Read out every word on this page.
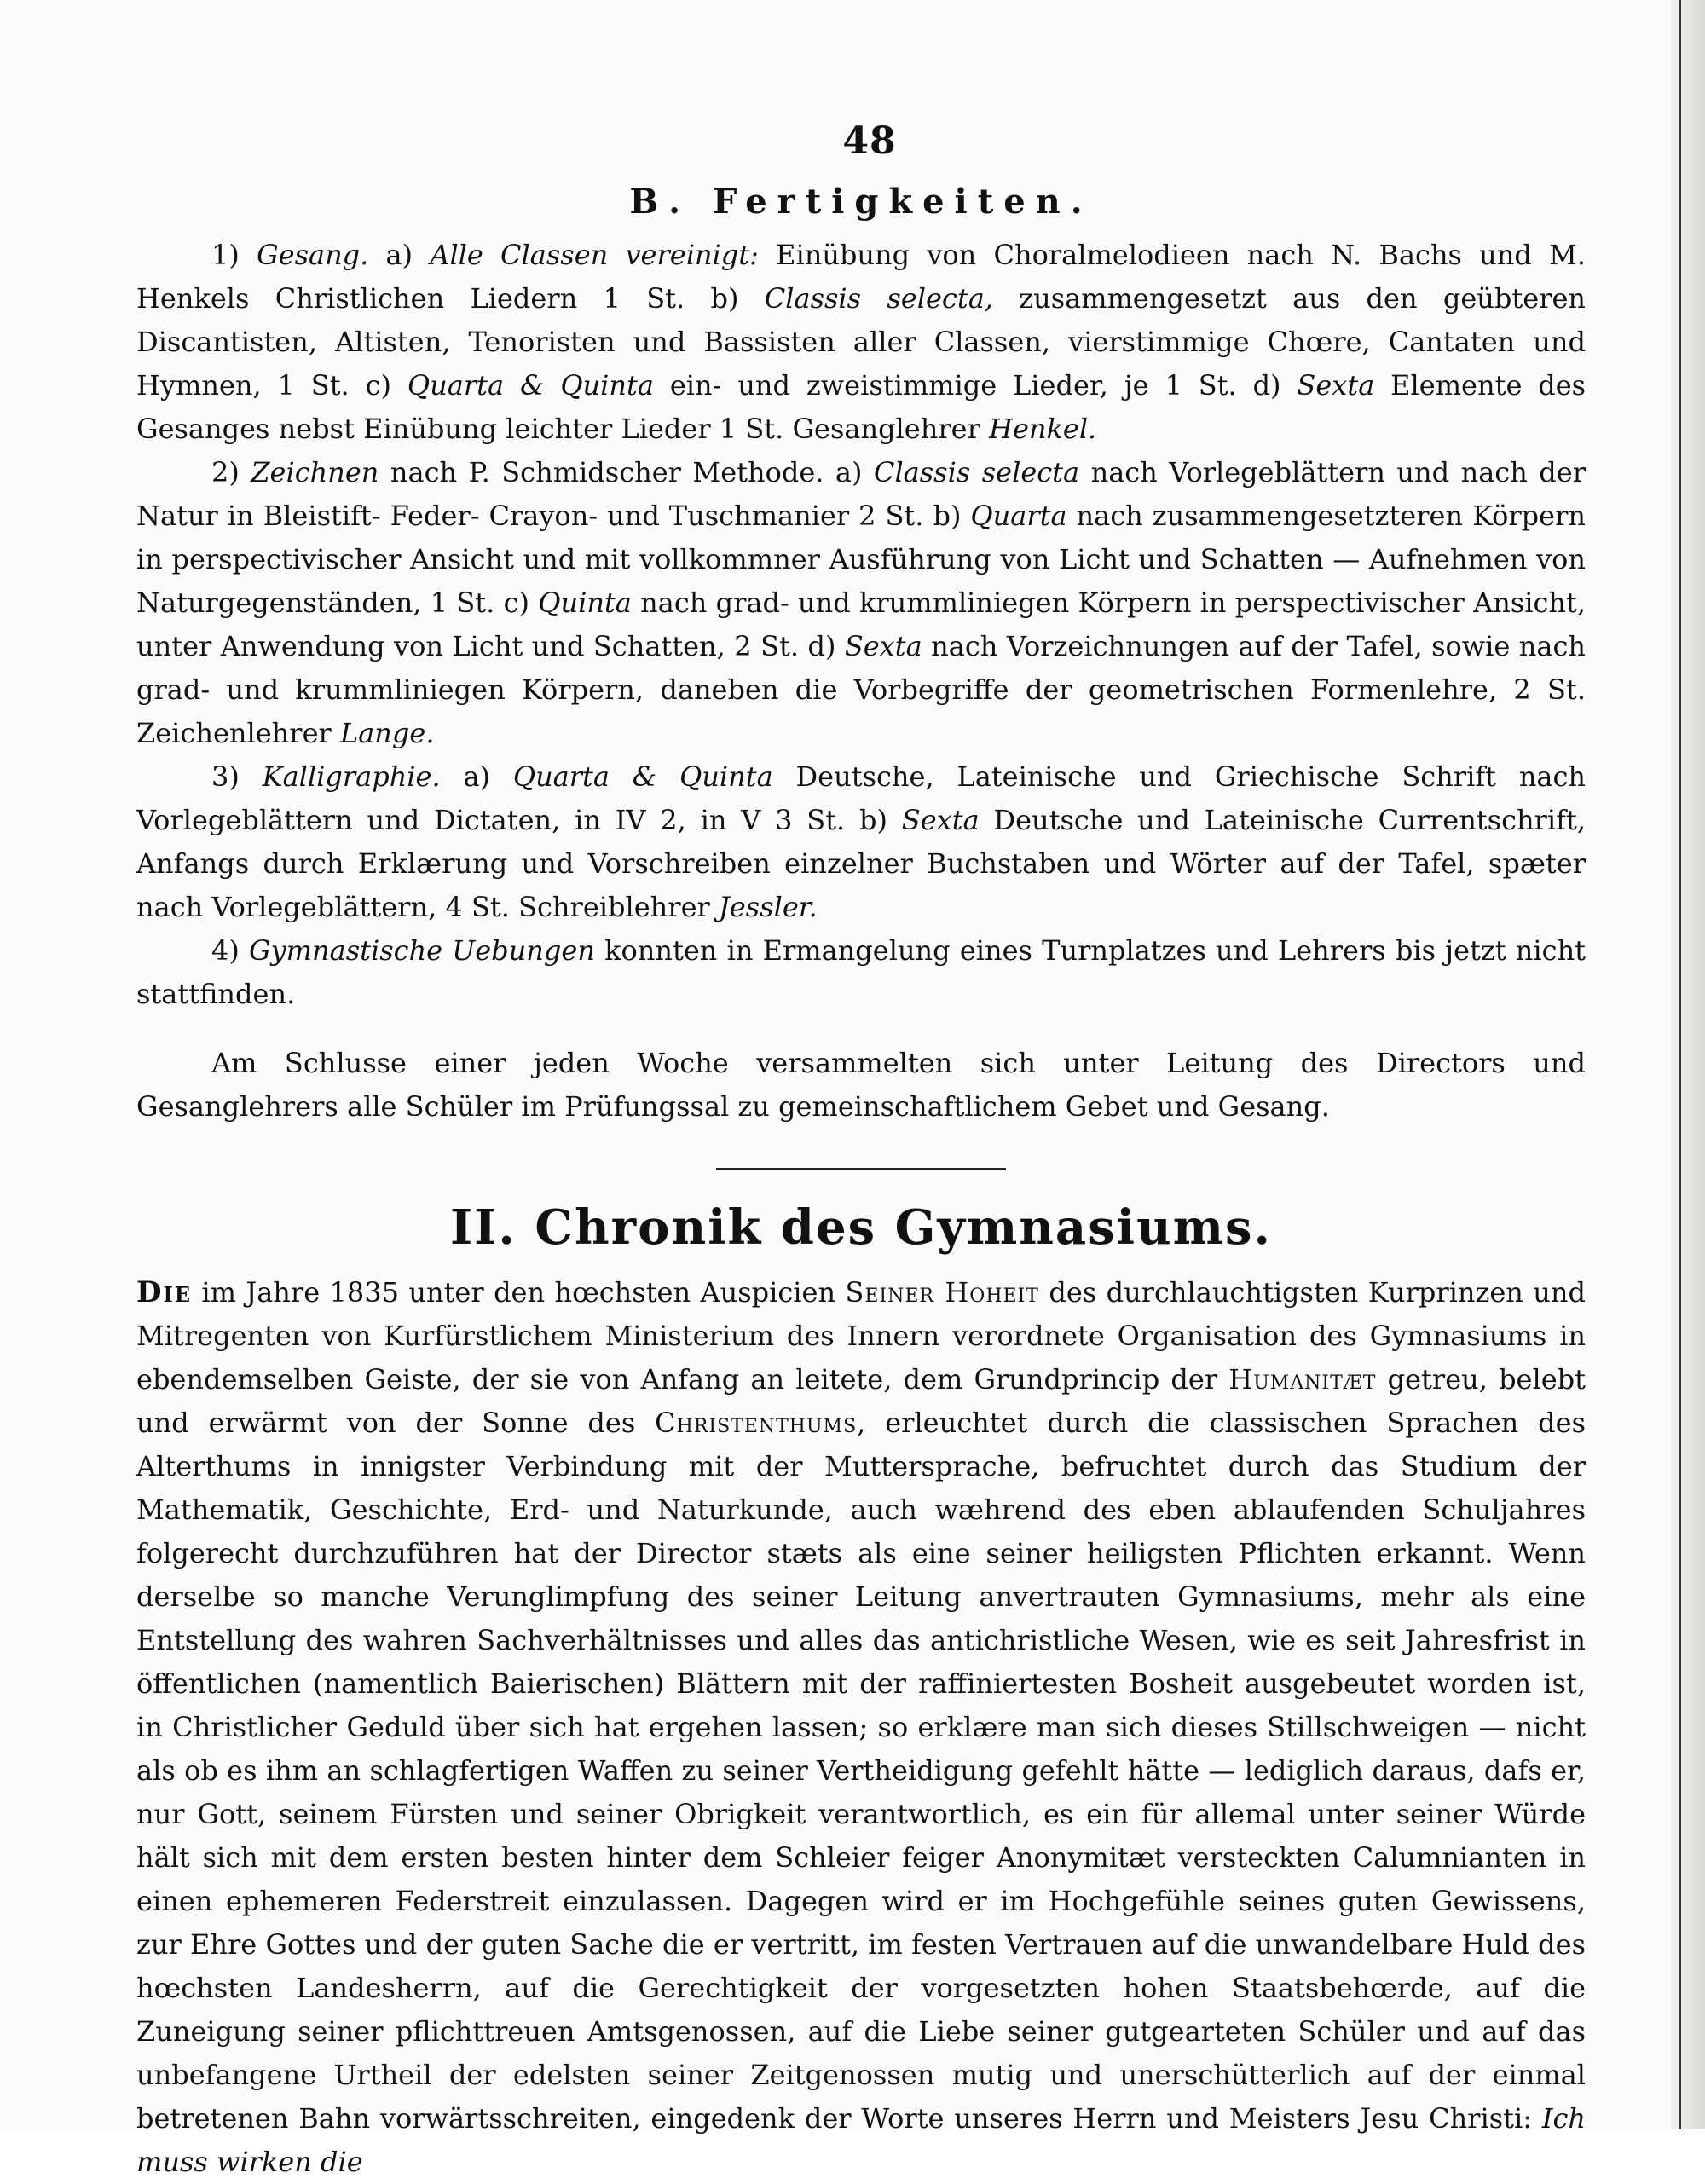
48
B. Fertigkeiten.

1) Gesang. a) Alle Classen vereinigt: Einübung von Choralmelodieen nach N. Bachs und M. Henkels Christlichen Liedern 1 St. b) Classis selecta, zusammengesetzt aus den geübteren Discantisten, Altisten, Tenoristen und Bassisten aller Classen, vierstimmige Chœre, Cantaten und Hymnen, 1 St. c) Quarta & Quinta ein- und zweistimmige Lieder, je 1 St. d) Sexta Elemente des Gesanges nebst Einübung leichter Lieder 1 St. Gesanglehrer Henkel.

2) Zeichnen nach P. Schmidscher Methode. a) Classis selecta nach Vorlegeblättern und nach der Natur in Bleistift- Feder- Crayon- und Tuschmanier 2 St. b) Quarta nach zusammengesetzteren Körpern in perspectivischer Ansicht und mit vollkommner Ausführung von Licht und Schatten — Aufnehmen von Naturgegenständen, 1 St. c) Quinta nach grad- und krummliniegen Körpern in perspectivischer Ansicht, unter Anwendung von Licht und Schatten, 2 St. d) Sexta nach Vorzeichnungen auf der Tafel, sowie nach grad- und krummliniegen Körpern, daneben die Vorbegriffe der geometrischen Formenlehre, 2 St. Zeichenlehrer Lange.

3) Kalligraphie. a) Quarta & Quinta Deutsche, Lateinische und Griechische Schrift nach Vorlegeblättern und Dictaten, in IV 2, in V 3 St. b) Sexta Deutsche und Lateinische Currentschrift, Anfangs durch Erklærung und Vorschreiben einzelner Buchstaben und Wörter auf der Tafel, spæter nach Vorlegeblättern, 4 St. Schreiblehrer Jessler.

4) Gymnastische Uebungen konnten in Ermangelung eines Turnplatzes und Lehrers bis jetzt nicht stattfinden.

Am Schlusse einer jeden Woche versammelten sich unter Leitung des Directors und Gesanglehrers alle Schüler im Prüfungssal zu gemeinschaftlichem Gebet und Gesang.

II. Chronik des Gymnasiums.

Die im Jahre 1835 unter den hœchsten Auspicien Seiner Hoheit des durchlauchtigsten Kurprinzen und Mitregenten von Kurfürstlichem Ministerium des Innern verordnete Organisation des Gymnasiums in ebendemselben Geiste, der sie von Anfang an leitete, dem Grundprincip der Humanitæt getreu, belebt und erwärmt von der Sonne des Christenthums, erleuchtet durch die classischen Sprachen des Alterthums in innigster Verbindung mit der Muttersprache, befruchtet durch das Studium der Mathematik, Geschichte, Erd- und Naturkunde, auch wæhrend des eben ablaufenden Schuljahres folgerecht durchzuführen hat der Director stæts als eine seiner heiligsten Pflichten erkannt. Wenn derselbe so manche Verunglimpfung des seiner Leitung anvertrauten Gymnasiums, mehr als eine Entstellung des wahren Sachverhältnisses und alles das antichristliche Wesen, wie es seit Jahresfrist in öffentlichen (namentlich Baierischen) Blättern mit der raffiniertesten Bosheit ausgebeutet worden ist, in Christlicher Geduld über sich hat ergehen lassen; so erklære man sich dieses Stillschweigen — nicht als ob es ihm an schlagfertigen Waffen zu seiner Vertheidigung gefehlt hätte — lediglich daraus, dafs er, nur Gott, seinem Fürsten und seiner Obrigkeit verantwortlich, es ein für allemal unter seiner Würde hält sich mit dem ersten besten hinter dem Schleier feiger Anonymitæt versteckten Calumnianten in einen ephemeren Federstreit einzulassen. Dagegen wird er im Hochgefühle seines guten Gewissens, zur Ehre Gottes und der guten Sache die er vertritt, im festen Vertrauen auf die unwandelbare Huld des hœchsten Landesherrn, auf die Gerechtigkeit der vorgesetzten hohen Staatsbehœrde, auf die Zuneigung seiner pflichttreuen Amtsgenossen, auf die Liebe seiner gutgearteten Schüler und auf das unbefangene Urtheil der edelsten seiner Zeitgenossen mutig und unerschütterlich auf der einmal betretenen Bahn vorwärtsschreiten, eingedenk der Worte unseres Herrn und Meisters Jesu Christi: Ich muss wirken die
